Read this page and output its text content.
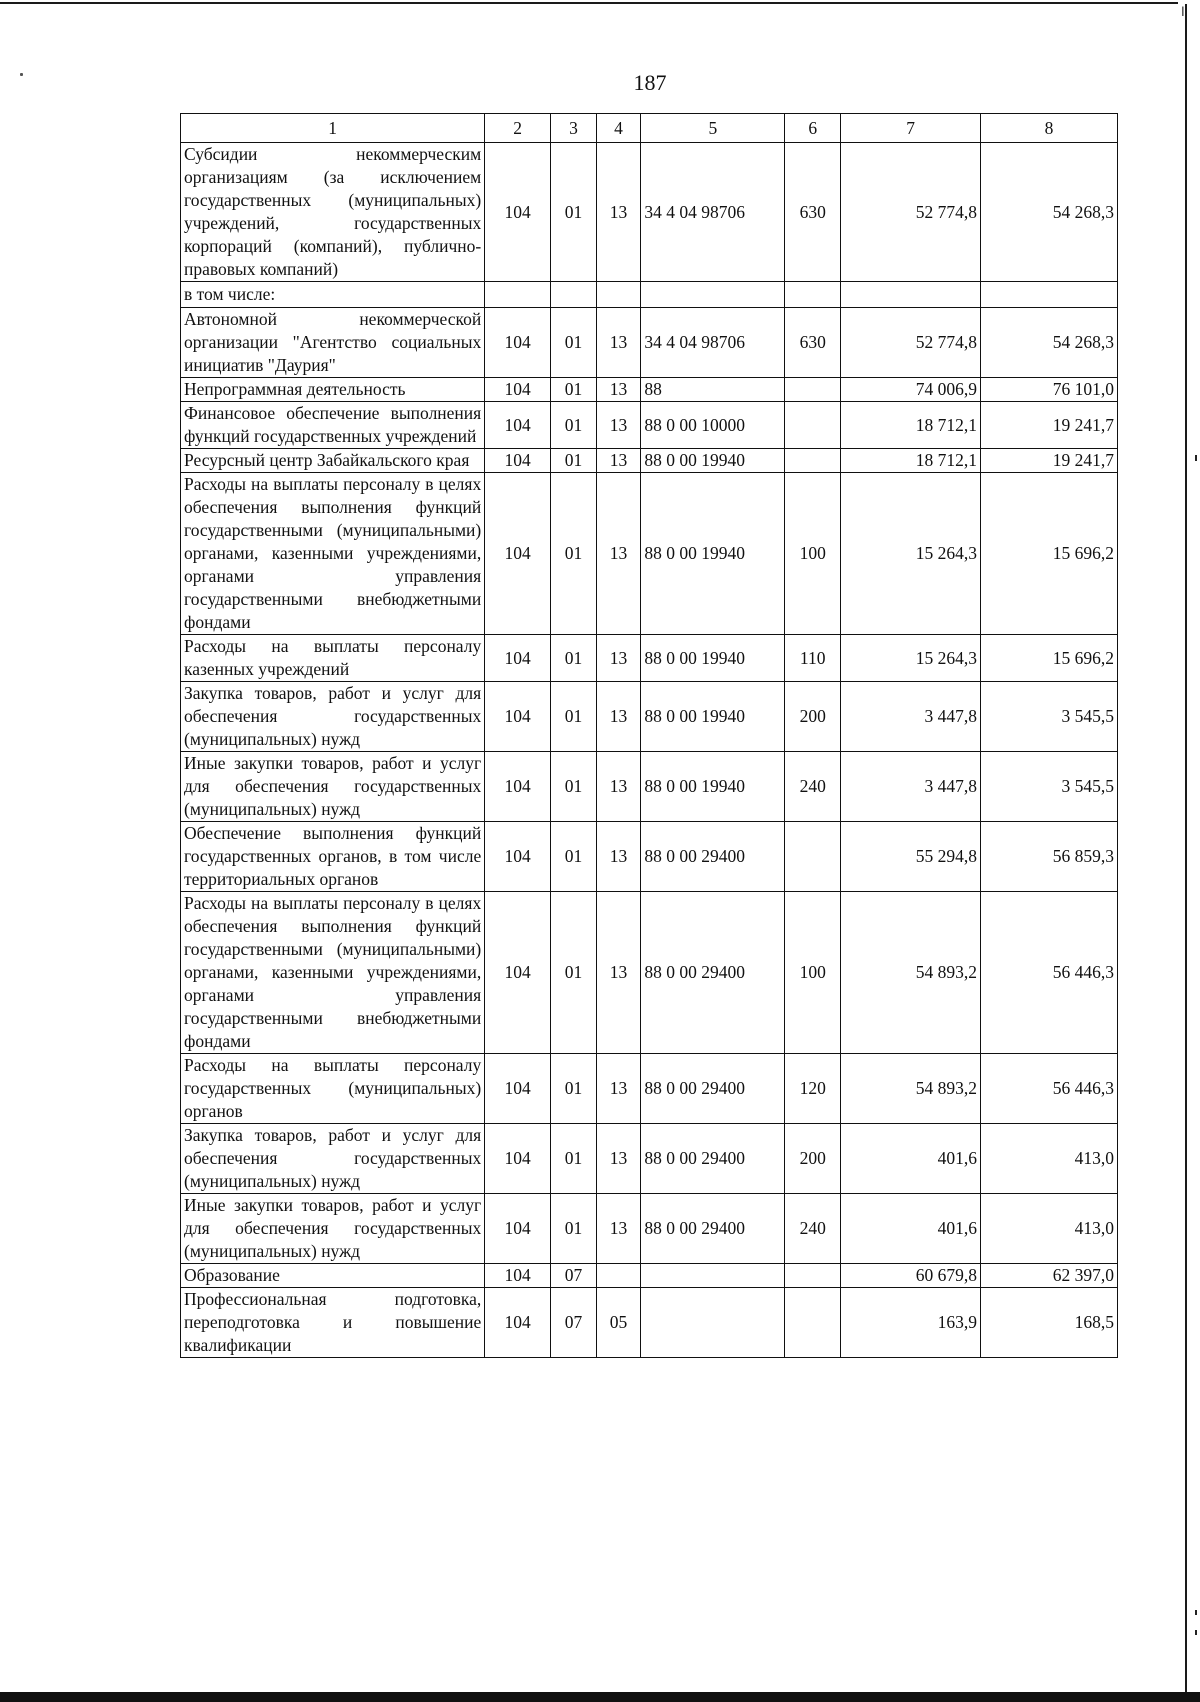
╷
187
1	2	3	4	5	6	7	8
Субсидии некоммерческим организациям (за исключением государственных (муниципальных) учреждений, государственных корпораций (компаний), публично-правовых компаний)	104	01	13	34 4 04 98706	630	52 774,8	54 268,3
в том числе:							
Автономной некоммерческой организации "Агентство социальных инициатив "Даурия"	104	01	13	34 4 04 98706	630	52 774,8	54 268,3
Непрограммная деятельность	104	01	13	88		74 006,9	76 101,0
Финансовое обеспечение выполнения функций государственных учреждений	104	01	13	88 0 00 10000		18 712,1	19 241,7
Ресурсный центр Забайкальского края	104	01	13	88 0 00 19940		18 712,1	19 241,7
Расходы на выплаты персоналу в целях обеспечения выполнения функций государственными (муниципальными) органами, казенными учреждениями, органами управления государственными внебюджетными фондами	104	01	13	88 0 00 19940	100	15 264,3	15 696,2
Расходы на выплаты персоналу казенных учреждений	104	01	13	88 0 00 19940	110	15 264,3	15 696,2
Закупка товаров, работ и услуг для обеспечения государственных (муниципальных) нужд	104	01	13	88 0 00 19940	200	3 447,8	3 545,5
Иные закупки товаров, работ и услуг для обеспечения государственных (муниципальных) нужд	104	01	13	88 0 00 19940	240	3 447,8	3 545,5
Обеспечение выполнения функций государственных органов, в том числе территориальных органов	104	01	13	88 0 00 29400		55 294,8	56 859,3
Расходы на выплаты персоналу в целях обеспечения выполнения функций государственными (муниципальными) органами, казенными учреждениями, органами управления государственными внебюджетными фондами	104	01	13	88 0 00 29400	100	54 893,2	56 446,3
Расходы на выплаты персоналу государственных (муниципальных) органов	104	01	13	88 0 00 29400	120	54 893,2	56 446,3
Закупка товаров, работ и услуг для обеспечения государственных (муниципальных) нужд	104	01	13	88 0 00 29400	200	401,6	413,0
Иные закупки товаров, работ и услуг для обеспечения государственных (муниципальных) нужд	104	01	13	88 0 00 29400	240	401,6	413,0
Образование	104	07				60 679,8	62 397,0
Профессиональная подготовка, переподготовка и повышение квалификации	104	07	05			163,9	168,5
